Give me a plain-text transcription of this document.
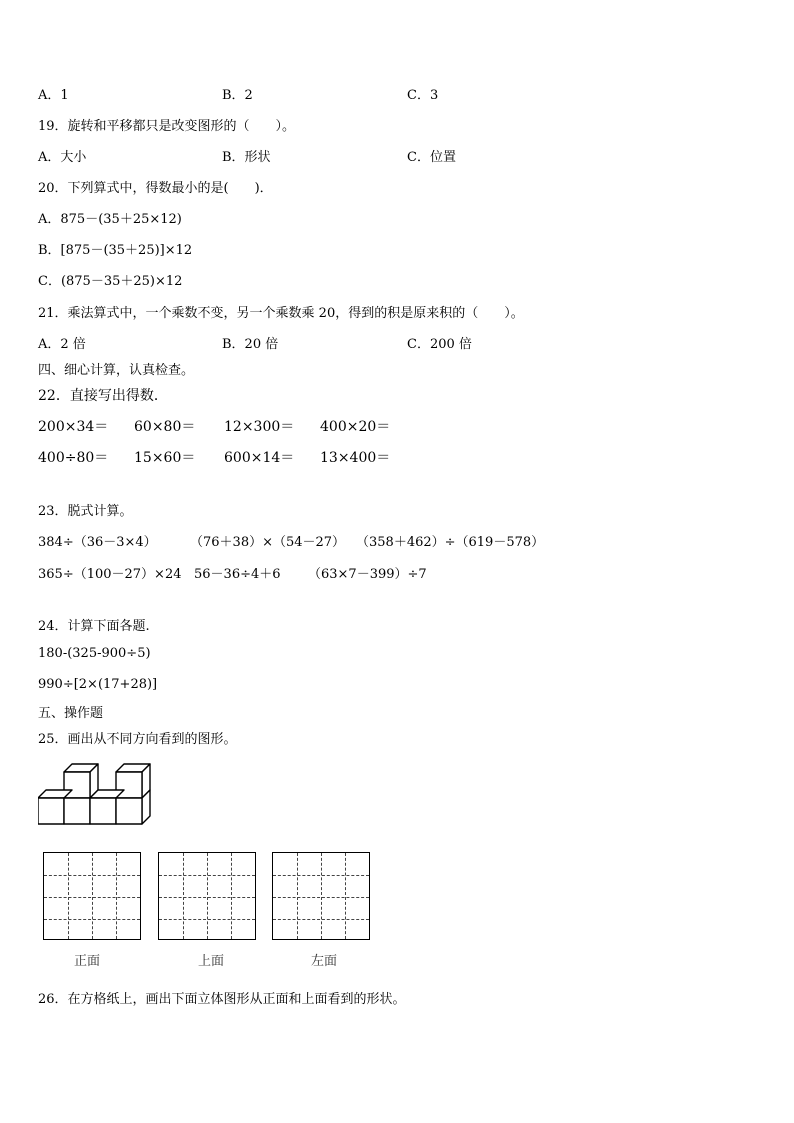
A．1	B．2	C．3
19．旋转和平移都只是改变图形的（　　）。
A．大小	B．形状	C．位置
20．下列算式中，得数最小的是(　　)．
A．875－(35＋25×12)
B．[875－(35＋25)]×12
C．(875－35＋25)×12
21．乘法算式中，一个乘数不变，另一个乘数乘 20，得到的积是原来积的（　　）。
A．2 倍	B．20 倍	C．200 倍
四、细心计算，认真检查。
22．直接写出得数．
200×34＝ 60×80＝ 12×300＝ 400×20＝
400÷80＝ 15×60＝ 600×14＝ 13×400＝
23．脱式计算。
384÷（36－3×4）	（76＋38）×（54－27） （358＋462）÷（619－578）
365÷（100－27）×24 56－36÷4＋6 （63×7－399）÷7
24．计算下面各题.
180-(325-900÷5)
990÷[2×(17+28)]
五、操作题
25．画出从不同方向看到的图形。
正面	上面	左面
26．在方格纸上，画出下面立体图形从正面和上面看到的形状。
